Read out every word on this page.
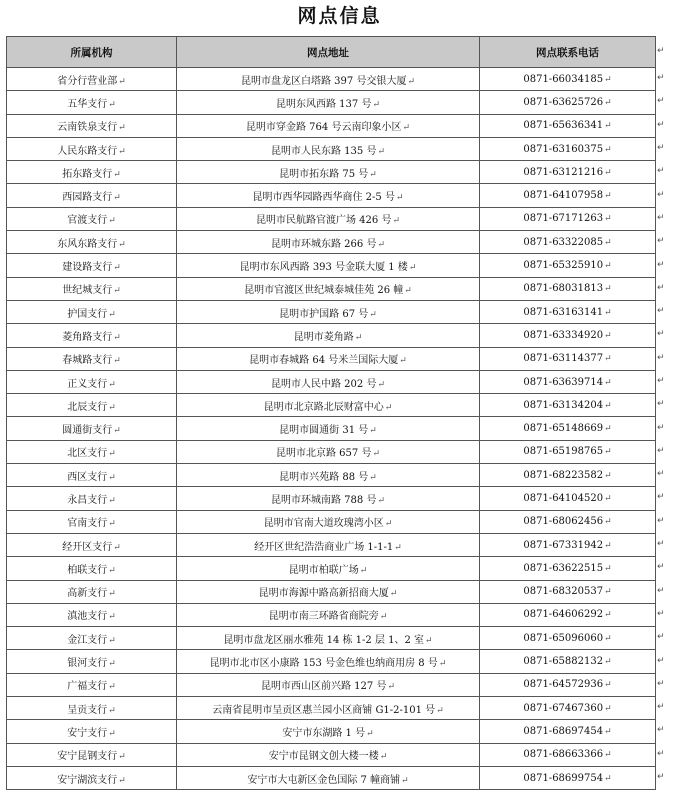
网点信息
所属机构	网点地址	网点联系电话
省分行营业部↵	昆明市盘龙区白塔路 397 号交银大厦↵	0871-66034185↵
五华支行↵	昆明东风西路 137 号↵	0871-63625726↵
云南铁泉支行↵	昆明市穿金路 764 号云南印象小区↵	0871-65636341↵
人民东路支行↵	昆明市人民东路 135 号↵	0871-63160375↵
拓东路支行↵	昆明市拓东路 75 号↵	0871-63121216↵
西园路支行↵	昆明市西华园路西华商住 2-5 号↵	0871-64107958↵
官渡支行↵	昆明市民航路官渡广场 426 号↵	0871-67171263↵
东风东路支行↵	昆明市环城东路 266 号↵	0871-63322085↵
建设路支行↵	昆明市东风西路 393 号金联大厦 1 楼↵	0871-65325910↵
世纪城支行↵	昆明市官渡区世纪城泰城佳苑 26 幢↵	0871-68031813↵
护国支行↵	昆明市护国路 67 号↵	0871-63163141↵
菱角路支行↵	昆明市菱角路↵	0871-63334920↵
春城路支行↵	昆明市春城路 64 号米兰国际大厦↵	0871-63114377↵
正义支行↵	昆明市人民中路 202 号↵	0871-63639714↵
北辰支行↵	昆明市北京路北辰财富中心↵	0871-63134204↵
圆通街支行↵	昆明市圆通街 31 号↵	0871-65148669↵
北区支行↵	昆明市北京路 657 号↵	0871-65198765↵
西区支行↵	昆明市兴苑路 88 号↵	0871-68223582↵
永昌支行↵	昆明市环城南路 788 号↵	0871-64104520↵
官南支行↵	昆明市官南大道玫瑰湾小区↵	0871-68062456↵
经开区支行↵	经开区世纪浩浩商业广场 1-1-1↵	0871-67331942↵
柏联支行↵	昆明市柏联广场↵	0871-63622515↵
高新支行↵	昆明市海源中路高新招商大厦↵	0871-68320537↵
滇池支行↵	昆明市南三环路省商院旁↵	0871-64606292↵
金江支行↵	昆明市盘龙区丽水雅苑 14 栋 1-2 层 1、2 室↵	0871-65096060↵
银河支行↵	昆明市北市区小康路 153 号金色维也纳商用房 8 号↵	0871-65882132↵
广福支行↵	昆明市西山区前兴路 127 号↵	0871-64572936↵
呈贡支行↵	云南省昆明市呈贡区惠兰园小区商铺 G1-2-101 号↵	0871-67467360↵
安宁支行↵	安宁市东湖路 1 号↵	0871-68697454↵
安宁昆钢支行↵	安宁市昆钢文创大楼一楼↵	0871-68663366↵
安宁湖滨支行↵	安宁市大屯新区金色国际 7 幢商铺↵	0871-68699754↵
↵
↵
↵
↵
↵
↵
↵
↵
↵
↵
↵
↵
↵
↵
↵
↵
↵
↵
↵
↵
↵
↵
↵
↵
↵
↵
↵
↵
↵
↵
↵
↵
